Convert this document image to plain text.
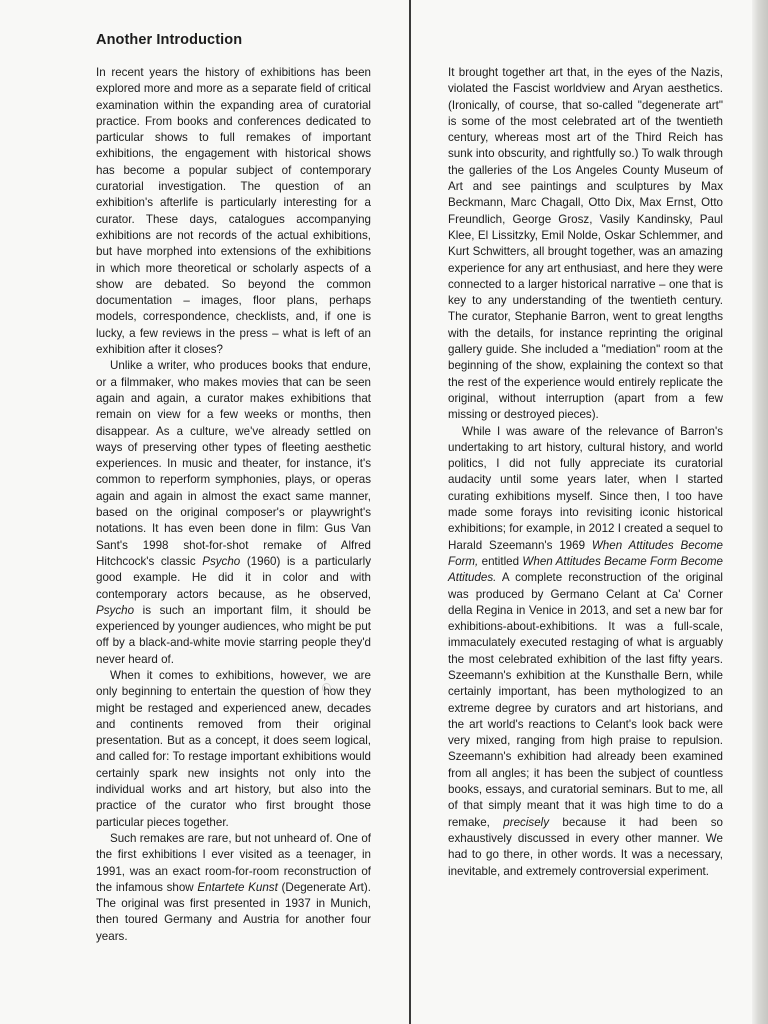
Another Introduction

In recent years the history of exhibitions has been explored more and more as a separate field of critical examination within the expanding area of curatorial practice. From books and conferences dedicated to particular shows to full remakes of important exhibitions, the engagement with historical shows has become a popular subject of contemporary curatorial investigation. The question of an exhibition's afterlife is particularly interesting for a curator. These days, catalogues accompanying exhibitions are not records of the actual exhibitions, but have morphed into extensions of the exhibitions in which more theoretical or scholarly aspects of a show are debated. So beyond the common documentation – images, floor plans, perhaps models, correspondence, checklists, and, if one is lucky, a few reviews in the press – what is left of an exhibition after it closes?

Unlike a writer, who produces books that endure, or a filmmaker, who makes movies that can be seen again and again, a curator makes exhibitions that remain on view for a few weeks or months, then disappear. As a culture, we've already settled on ways of preserving other types of fleeting aesthetic experiences. In music and theater, for instance, it's common to reperform symphonies, plays, or operas again and again in almost the exact same manner, based on the original composer's or playwright's notations. It has even been done in film: Gus Van Sant's 1998 shot-for-shot remake of Alfred Hitchcock's classic Psycho (1960) is a particularly good example. He did it in color and with contemporary actors because, as he observed, Psycho is such an important film, it should be experienced by younger audiences, who might be put off by a black-and-white movie starring people they'd never heard of.

When it comes to exhibitions, however, we are only beginning to entertain the question of how they might be restaged and experienced anew, decades and continents removed from their original presentation. But as a concept, it does seem logical, and called for: To restage important exhibitions would certainly spark new insights not only into the individual works and art history, but also into the practice of the curator who first brought those particular pieces together.

Such remakes are rare, but not unheard of. One of the first exhibitions I ever visited as a teenager, in 1991, was an exact room-for-room reconstruction of the infamous show Entartete Kunst (Degenerate Art). The original was first presented in 1937 in Munich, then toured Germany and Austria for another four years.

It brought together art that, in the eyes of the Nazis, violated the Fascist worldview and Aryan aesthetics. (Ironically, of course, that so-called "degenerate art" is some of the most celebrated art of the twentieth century, whereas most art of the Third Reich has sunk into obscurity, and rightfully so.) To walk through the galleries of the Los Angeles County Museum of Art and see paintings and sculptures by Max Beckmann, Marc Chagall, Otto Dix, Max Ernst, Otto Freundlich, George Grosz, Vasily Kandinsky, Paul Klee, El Lissitzky, Emil Nolde, Oskar Schlemmer, and Kurt Schwitters, all brought together, was an amazing experience for any art enthusiast, and here they were connected to a larger historical narrative – one that is key to any understanding of the twentieth century. The curator, Stephanie Barron, went to great lengths with the details, for instance reprinting the original gallery guide. She included a "mediation" room at the beginning of the show, explaining the context so that the rest of the experience would entirely replicate the original, without interruption (apart from a few missing or destroyed pieces).

While I was aware of the relevance of Barron's undertaking to art history, cultural history, and world politics, I did not fully appreciate its curatorial audacity until some years later, when I started curating exhibitions myself. Since then, I too have made some forays into revisiting iconic historical exhibitions; for example, in 2012 I created a sequel to Harald Szeemann's 1969 When Attitudes Become Form, entitled When Attitudes Became Form Become Attitudes. A complete reconstruction of the original was produced by Germano Celant at Ca' Corner della Regina in Venice in 2013, and set a new bar for exhibitions-about-exhibitions. It was a full-scale, immaculately executed restaging of what is arguably the most celebrated exhibition of the last fifty years. Szeemann's exhibition at the Kunsthalle Bern, while certainly important, has been mythologized to an extreme degree by curators and art historians, and the art world's reactions to Celant's look back were very mixed, ranging from high praise to repulsion. Szeemann's exhibition had already been examined from all angles; it has been the subject of countless books, essays, and curatorial seminars. But to me, all of that simply meant that it was high time to do a remake, precisely because it had been so exhaustively discussed in every other manner. We had to go there, in other words. It was a necessary, inevitable, and extremely controversial experiment.
